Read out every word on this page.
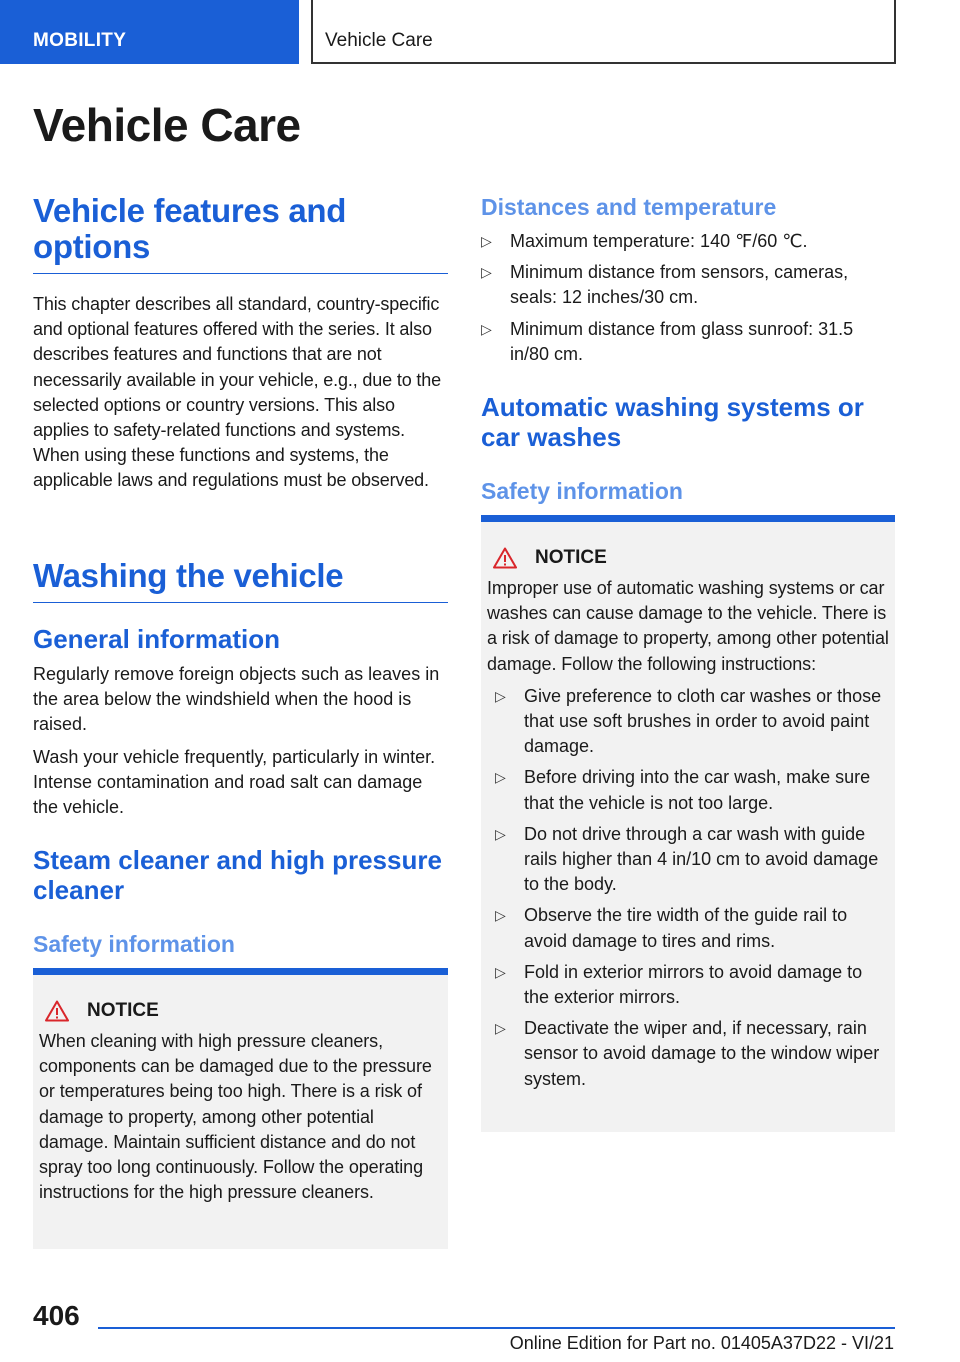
MOBILITY	Vehicle Care
Vehicle Care
Vehicle features and options

This chapter describes all standard, country-specific and optional features offered with the series. It also describes features and functions that are not necessarily available in your vehicle, e.g., due to the selected options or country versions. This also applies to safety-related functions and systems. When using these functions and systems, the applicable laws and regulations must be observed.

Washing the vehicle
General information

Regularly remove foreign objects such as leaves in the area below the windshield when the hood is raised.

Wash your vehicle frequently, particularly in winter. Intense contamination and road salt can damage the vehicle.

Steam cleaner and high pressure cleaner
Safety information
NOTICE

When cleaning with high pressure cleaners, components can be damaged due to the pressure or temperatures being too high. There is a risk of damage to property, among other potential damage. Maintain sufficient distance and do not spray too long continuously. Follow the operating instructions for the high pressure cleaners.

Distances and temperature
▷ Maximum temperature: 140 ℉/60 ℃.
▷ Minimum distance from sensors, cameras, seals: 12 inches/30 cm.
▷ Minimum distance from glass sunroof: 31.5 in/80 cm.
Automatic washing systems or car washes
Safety information
NOTICE

Improper use of automatic washing systems or car washes can cause damage to the vehicle. There is a risk of damage to property, among other potential damage. Follow the following instructions:

▷ Give preference to cloth car washes or those that use soft brushes in order to avoid paint damage.
▷ Before driving into the car wash, make sure that the vehicle is not too large.
▷ Do not drive through a car wash with guide rails higher than 4 in/10 cm to avoid damage to the body.
▷ Observe the tire width of the guide rail to avoid damage to tires and rims.
▷ Fold in exterior mirrors to avoid damage to the exterior mirrors.
▷ Deactivate the wiper and, if necessary, rain sensor to avoid damage to the window wiper system.
406
Online Edition for Part no. 01405A37D22 - VI/21
